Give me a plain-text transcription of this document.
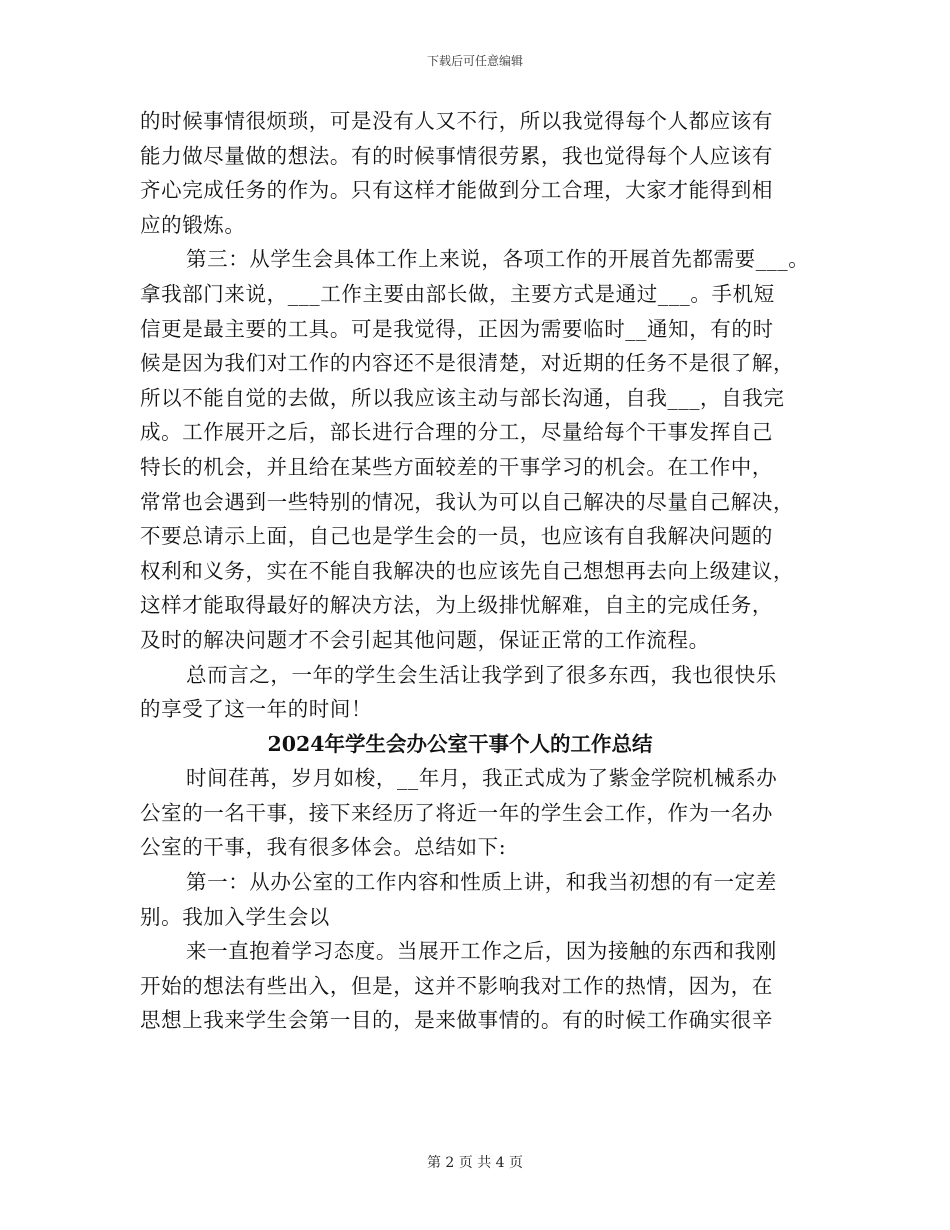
下载后可任意编辑
的时候事情很烦琐，可是没有人又不行，所以我觉得每个人都应该有
能力做尽量做的想法。有的时候事情很劳累，我也觉得每个人应该有
齐心完成任务的作为。只有这样才能做到分工合理，大家才能得到相
应的锻炼。
第三：从学生会具体工作上来说，各项工作的开展首先都需要___。
拿我部门来说，___工作主要由部长做，主要方式是通过___。手机短
信更是最主要的工具。可是我觉得，正因为需要临时__通知，有的时
候是因为我们对工作的内容还不是很清楚，对近期的任务不是很了解，
所以不能自觉的去做，所以我应该主动与部长沟通，自我___，自我完
成。工作展开之后，部长进行合理的分工，尽量给每个干事发挥自己
特长的机会，并且给在某些方面较差的干事学习的机会。在工作中，
常常也会遇到一些特别的情况，我认为可以自己解决的尽量自己解决，
不要总请示上面，自己也是学生会的一员，也应该有自我解决问题的
权利和义务，实在不能自我解决的也应该先自己想想再去向上级建议，
这样才能取得最好的解决方法，为上级排忧解难，自主的完成任务，
及时的解决问题才不会引起其他问题，保证正常的工作流程。
总而言之，一年的学生会生活让我学到了很多东西，我也很快乐
的享受了这一年的时间！
2024年学生会办公室干事个人的工作总结
时间荏苒，岁月如梭，__年月，我正式成为了紫金学院机械系办
公室的一名干事，接下来经历了将近一年的学生会工作，作为一名办
公室的干事，我有很多体会。总结如下:
第一：从办公室的工作内容和性质上讲，和我当初想的有一定差
别。我加入学生会以
来一直抱着学习态度。当展开工作之后，因为接触的东西和我刚
开始的想法有些出入，但是，这并不影响我对工作的热情，因为，在
思想上我来学生会第一目的，是来做事情的。有的时候工作确实很辛
第 2 页 共 4 页
